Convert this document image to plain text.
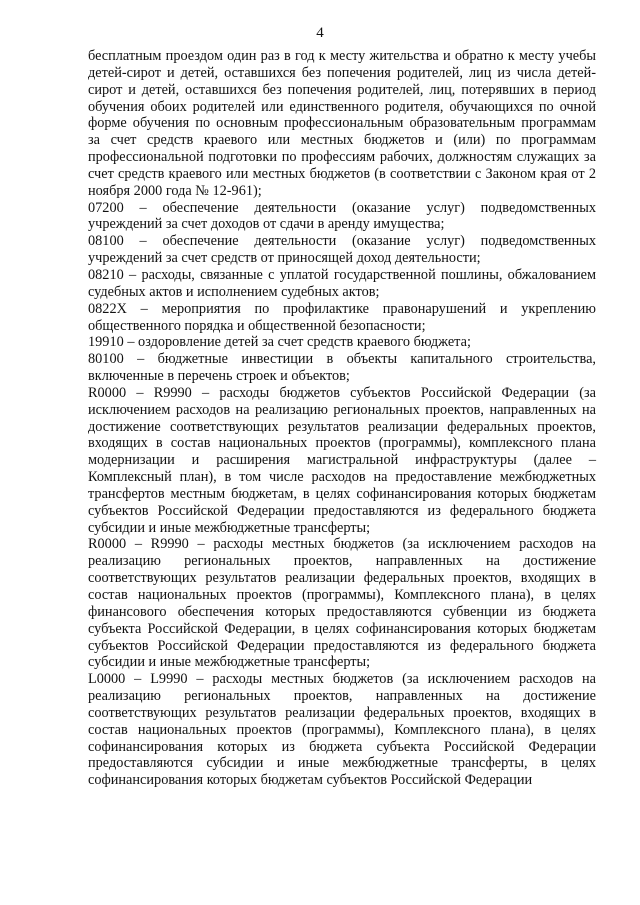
4

бесплатным проездом один раз в год к месту жительства и обратно к месту учебы детей-сирот и детей, оставшихся без попечения родителей, лиц из числа детей-сирот и детей, оставшихся без попечения родителей, лиц, потерявших в период обучения обоих родителей или единственного родителя, обучающихся по очной форме обучения по основным профессиональным образовательным программам за счет средств краевого или местных бюджетов и (или) по программам профессиональной подготовки по профессиям рабочих, должностям служащих за счет средств краевого или местных бюджетов (в соответствии с Законом края от 2 ноября 2000 года № 12-961);

07200 – обеспечение деятельности (оказание услуг) подведомственных учреждений за счет доходов от сдачи в аренду имущества;

08100 – обеспечение деятельности (оказание услуг) подведомственных учреждений за счет средств от приносящей доход деятельности;

08210 – расходы, связанные с уплатой государственной пошлины, обжалованием судебных актов и исполнением судебных актов;

0822Х – мероприятия по профилактике правонарушений и укреплению общественного порядка и общественной безопасности;

19910 – оздоровление детей за счет средств краевого бюджета;

80100 – бюджетные инвестиции в объекты капитального строительства, включенные в перечень строек и объектов;

R0000 – R9990 – расходы бюджетов субъектов Российской Федерации (за исключением расходов на реализацию региональных проектов, направленных на достижение соответствующих результатов реализации федеральных проектов, входящих в состав национальных проектов (программы), комплексного плана модернизации и расширения магистральной инфраструктуры (далее – Комплексный план), в том числе расходов на предоставление межбюджетных трансфертов местным бюджетам, в целях софинансирования которых бюджетам субъектов Российской Федерации предоставляются из федерального бюджета субсидии и иные межбюджетные трансферты;

R0000 – R9990 – расходы местных бюджетов (за исключением расходов на реализацию региональных проектов, направленных на достижение соответствующих результатов реализации федеральных проектов, входящих в состав национальных проектов (программы), Комплексного плана), в целях финансового обеспечения которых предоставляются субвенции из бюджета субъекта Российской Федерации, в целях софинансирования которых бюджетам субъектов Российской Федерации предоставляются из федерального бюджета субсидии и иные межбюджетные трансферты;

L0000 – L9990 – расходы местных бюджетов (за исключением расходов на реализацию региональных проектов, направленных на достижение соответствующих результатов реализации федеральных проектов, входящих в состав национальных проектов (программы), Комплексного плана), в целях софинансирования которых из бюджета субъекта Российской Федерации предоставляются субсидии и иные межбюджетные трансферты, в целях софинансирования которых бюджетам субъектов Российской Федерации
